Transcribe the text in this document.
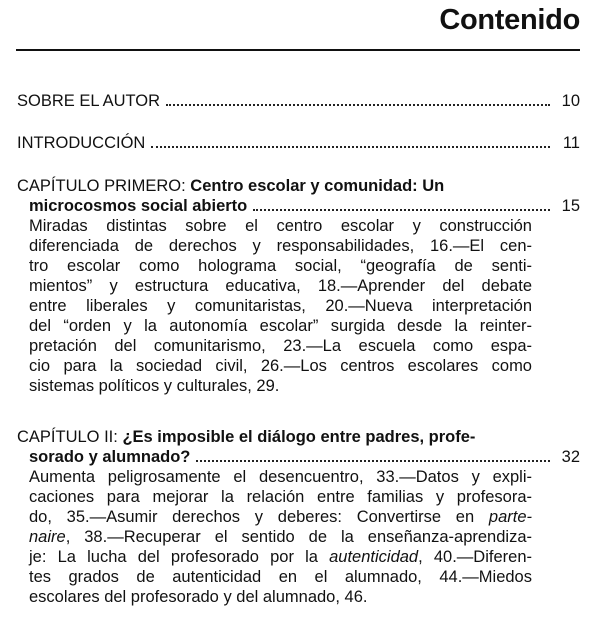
Contenido
SOBRE EL AUTOR	10
INTRODUCCIÓN	11
CAPÍTULO PRIMERO: Centro escolar y comunidad: Un
microcosmos social abierto	15
Miradas distintas sobre el centro escolar y construcción
diferenciada de derechos y responsabilidades, 16.—El cen-
tro escolar como holograma social, “geografía de senti-
mientos” y estructura educativa, 18.—Aprender del debate
entre liberales y comunitaristas, 20.—Nueva interpretación
del “orden y la autonomía escolar” surgida desde la reinter-
pretación del comunitarismo, 23.—La escuela como espa-
cio para la sociedad civil, 26.—Los centros escolares como
sistemas políticos y culturales, 29.
CAPÍTULO II: ¿Es imposible el diálogo entre padres, profe-
sorado y alumnado?	32
Aumenta peligrosamente el desencuentro, 33.—Datos y expli-
caciones para mejorar la relación entre familias y profesora-
do, 35.—Asumir derechos y deberes: Convertirse en parte-
naire, 38.—Recuperar el sentido de la enseñanza-aprendiza-
je: La lucha del profesorado por la autenticidad, 40.—Diferen-
tes grados de autenticidad en el alumnado, 44.—Miedos
escolares del profesorado y del alumnado, 46.
